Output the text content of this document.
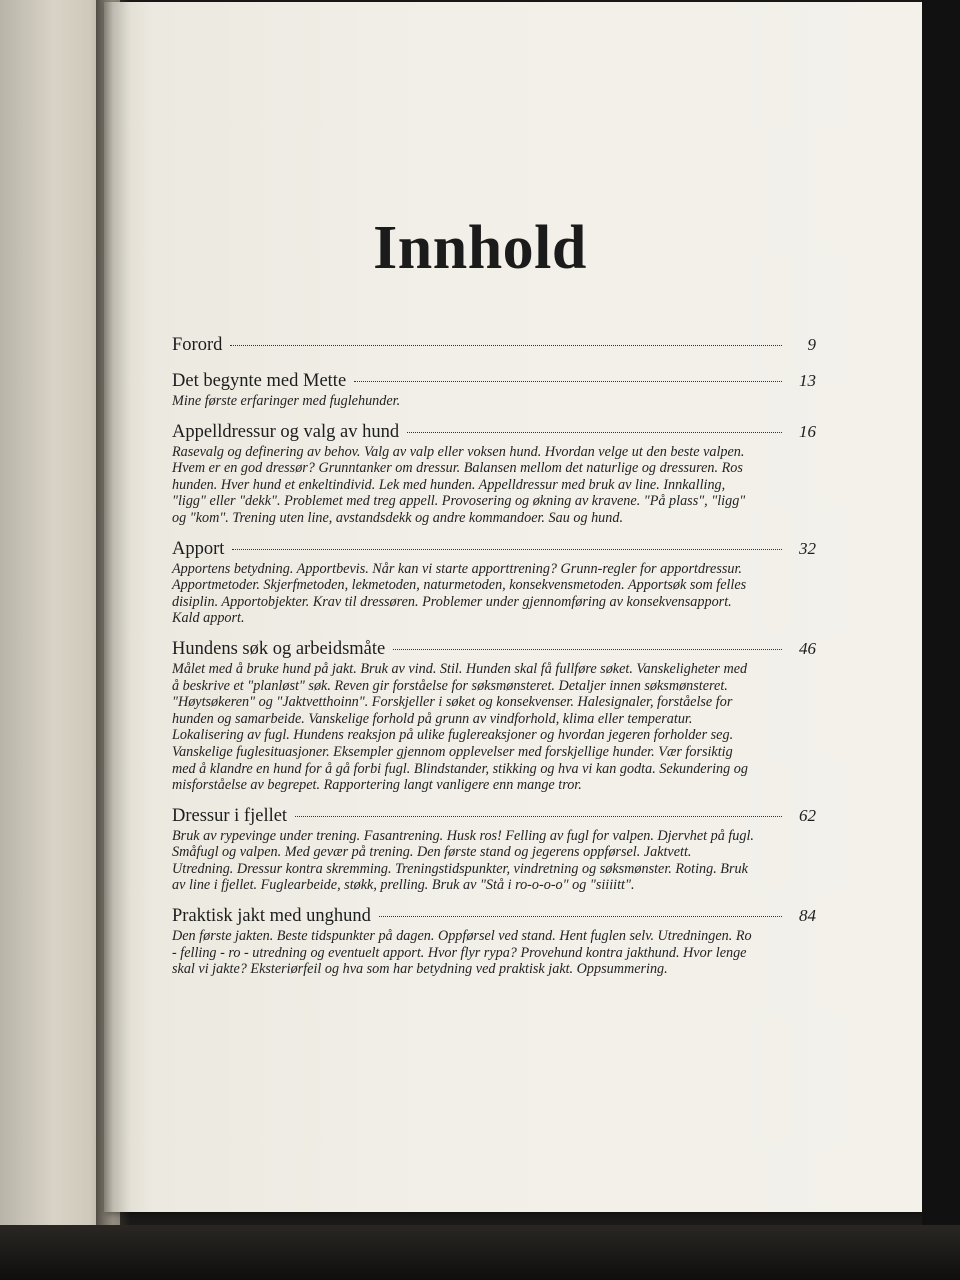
Innhold
Forord	9
Det begynte med Mette	13
Mine første erfaringer med fuglehunder.
Appelldressur og valg av hund	16
Rasevalg og definering av behov. Valg av valp eller voksen hund. Hvordan velge ut den beste valpen. Hvem er en god dressør? Grunntanker om dressur. Balansen mellom det naturlige og dressuren. Ros hunden. Hver hund et enkeltindivid. Lek med hunden. Appelldressur med bruk av line. Innkalling, "ligg" eller "dekk". Problemet med treg appell. Provosering og økning av kravene. "På plass", "ligg" og "kom". Trening uten line, avstandsdekk og andre kommandoer. Sau og hund.
Apport	32
Apportens betydning. Apportbevis. Når kan vi starte apporttrening? Grunn-regler for apportdressur. Apportmetoder. Skjerfmetoden, lekmetoden, naturmetoden, konsekvensmetoden. Apportsøk som felles disiplin. Apportobjekter. Krav til dressøren. Problemer under gjennomføring av konsekvensapport. Kald apport.
Hundens søk og arbeidsmåte	46
Målet med å bruke hund på jakt. Bruk av vind. Stil. Hunden skal få fullføre søket. Vanskeligheter med å beskrive et "planløst" søk. Reven gir forståelse for søksmønsteret. Detaljer innen søksmønsteret. "Høytsøkeren" og "Jaktvetthoinn". Forskjeller i søket og konsekvenser. Halesignaler, forståelse for hunden og samarbeide. Vanskelige forhold på grunn av vindforhold, klima eller temperatur. Lokalisering av fugl. Hundens reaksjon på ulike fuglereaksjoner og hvordan jegeren forholder seg. Vanskelige fuglesituasjoner. Eksempler gjennom opplevelser med forskjellige hunder. Vær forsiktig med å klandre en hund for å gå forbi fugl. Blindstander, stikking og hva vi kan godta. Sekundering og misforståelse av begrepet. Rapportering langt vanligere enn mange tror.
Dressur i fjellet	62
Bruk av rypevinge under trening. Fasantrening. Husk ros! Felling av fugl for valpen. Djervhet på fugl. Småfugl og valpen. Med gevær på trening. Den første stand og jegerens oppførsel. Jaktvett. Utredning. Dressur kontra skremming. Treningstidspunkter, vindretning og søksmønster. Roting. Bruk av line i fjellet. Fuglearbeide, støkk, prelling. Bruk av "Stå i ro-o-o-o" og "siiiitt".
Praktisk jakt med unghund	84
Den første jakten. Beste tidspunkter på dagen. Oppførsel ved stand. Hent fuglen selv. Utredningen. Ro - felling - ro - utredning og eventuelt apport. Hvor flyr rypa? Provehund kontra jakthund. Hvor lenge skal vi jakte? Eksteriørfeil og hva som har betydning ved praktisk jakt. Oppsummering.
